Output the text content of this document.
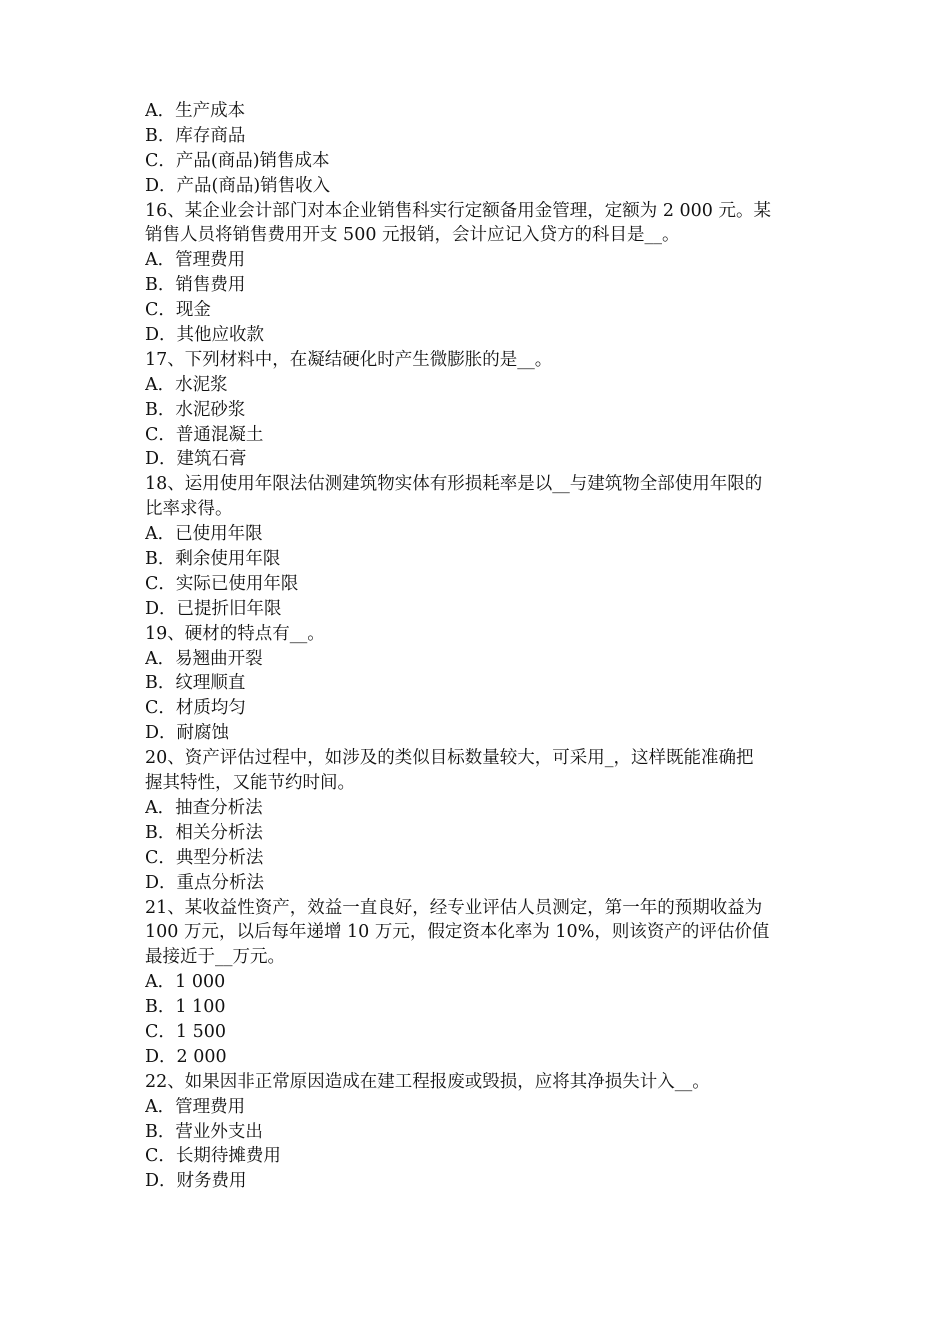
A．生产成本
B．库存商品
C．产品(商品)销售成本
D．产品(商品)销售收入
16、某企业会计部门对本企业销售科实行定额备用金管理，定额为 2 000 元。某
销售人员将销售费用开支 500 元报销，会计应记入贷方的科目是__。
A．管理费用
B．销售费用
C．现金
D．其他应收款
17、下列材料中，在凝结硬化时产生微膨胀的是__。
A．水泥浆
B．水泥砂浆
C．普通混凝土
D．建筑石膏
18、运用使用年限法估测建筑物实体有形损耗率是以__与建筑物全部使用年限的
比率求得。
A．已使用年限
B．剩余使用年限
C．实际已使用年限
D．已提折旧年限
19、硬材的特点有__。
A．易翘曲开裂
B．纹理顺直
C．材质均匀
D．耐腐蚀
20、资产评估过程中，如涉及的类似目标数量较大，可采用_，这样既能准确把
握其特性，又能节约时间。
A．抽查分析法
B．相关分析法
C．典型分析法
D．重点分析法
21、某收益性资产，效益一直良好，经专业评估人员测定，第一年的预期收益为
100 万元，以后每年递增 10 万元，假定资本化率为 10%，则该资产的评估价值
最接近于__万元。
A．1 000
B．1 100
C．1 500
D．2 000
22、如果因非正常原因造成在建工程报废或毁损，应将其净损失计入__。
A．管理费用
B．营业外支出
C．长期待摊费用
D．财务费用
